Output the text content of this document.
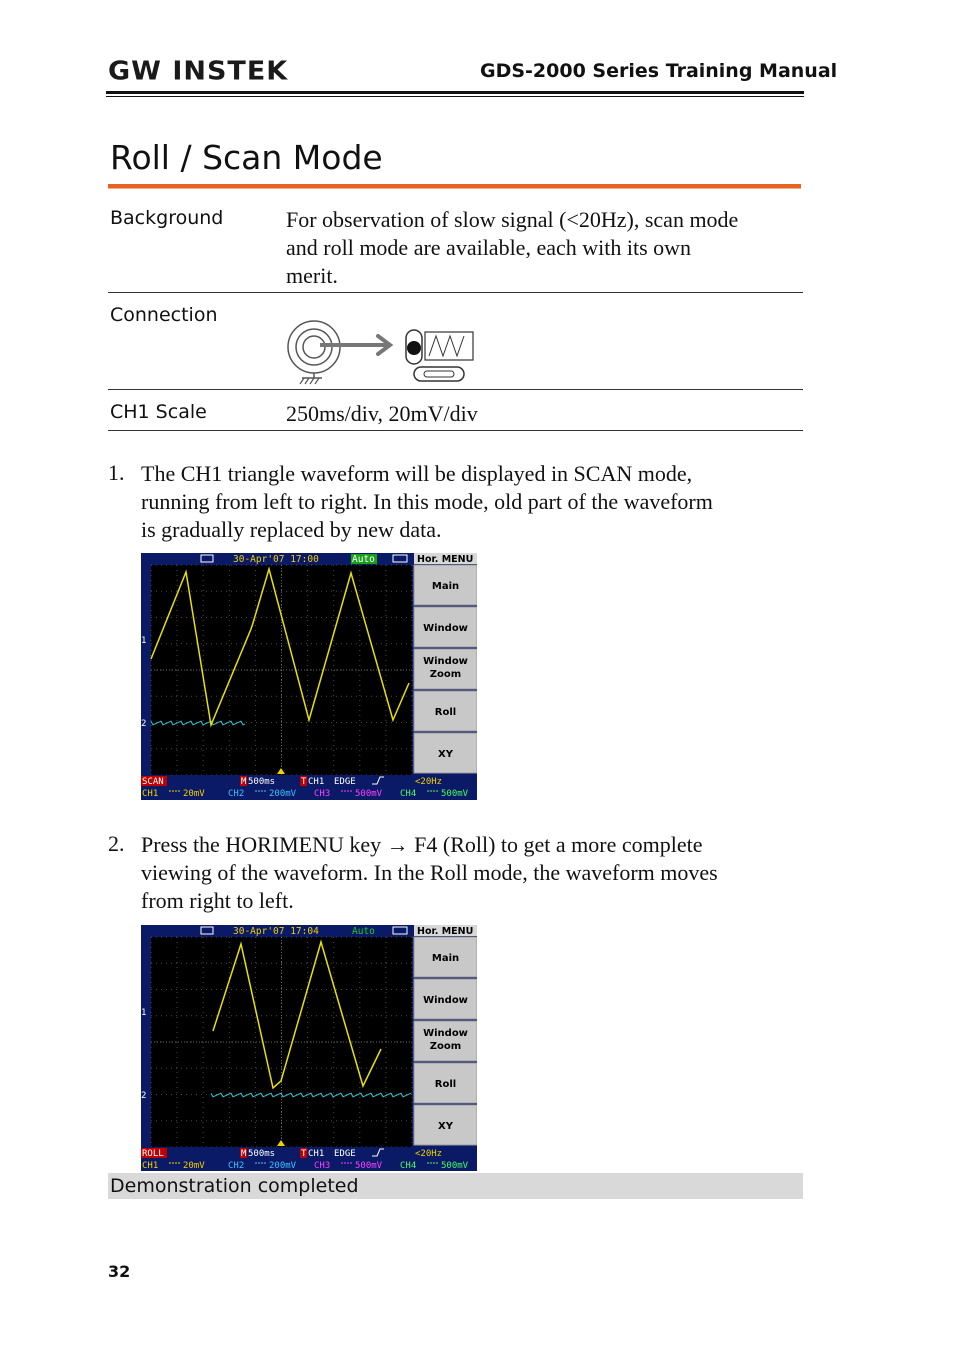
GW INSTEK	GDS-2000 Series Training Manual
Roll / Scan Mode
Background	For observation of slow signal (<20Hz), scan mode
and roll mode are available, each with its own
merit.
Connection
CH1 Scale	250ms/div, 20mV/div
1. The CH1 triangle waveform will be displayed in SCAN mode,
running from left to right. In this mode, old part of the waveform
is gradually replaced by new data.
1
2
30-Apr'07 17:00	Auto	Hor. MENU
Main
Window
Window
Zoom
Roll
XY
SCAN	M 500ms	T CH1 EDGE	<20Hz
CH1	20mV	CH2	200mV CH3	500mV CH4	500mV
2. Press the HORIMENU key → F4 (Roll) to get a more complete
viewing of the waveform. In the Roll mode, the waveform moves
from right to left.
1
2
30-Apr'07 17:04	Auto	Hor. MENU
Main
Window
Window
Zoom
Roll
XY
ROLL	M 500ms	T CH1 EDGE	<20Hz
CH1	20mV	CH2	200mV CH3	500mV CH4	500mV
Demonstration completed
32
